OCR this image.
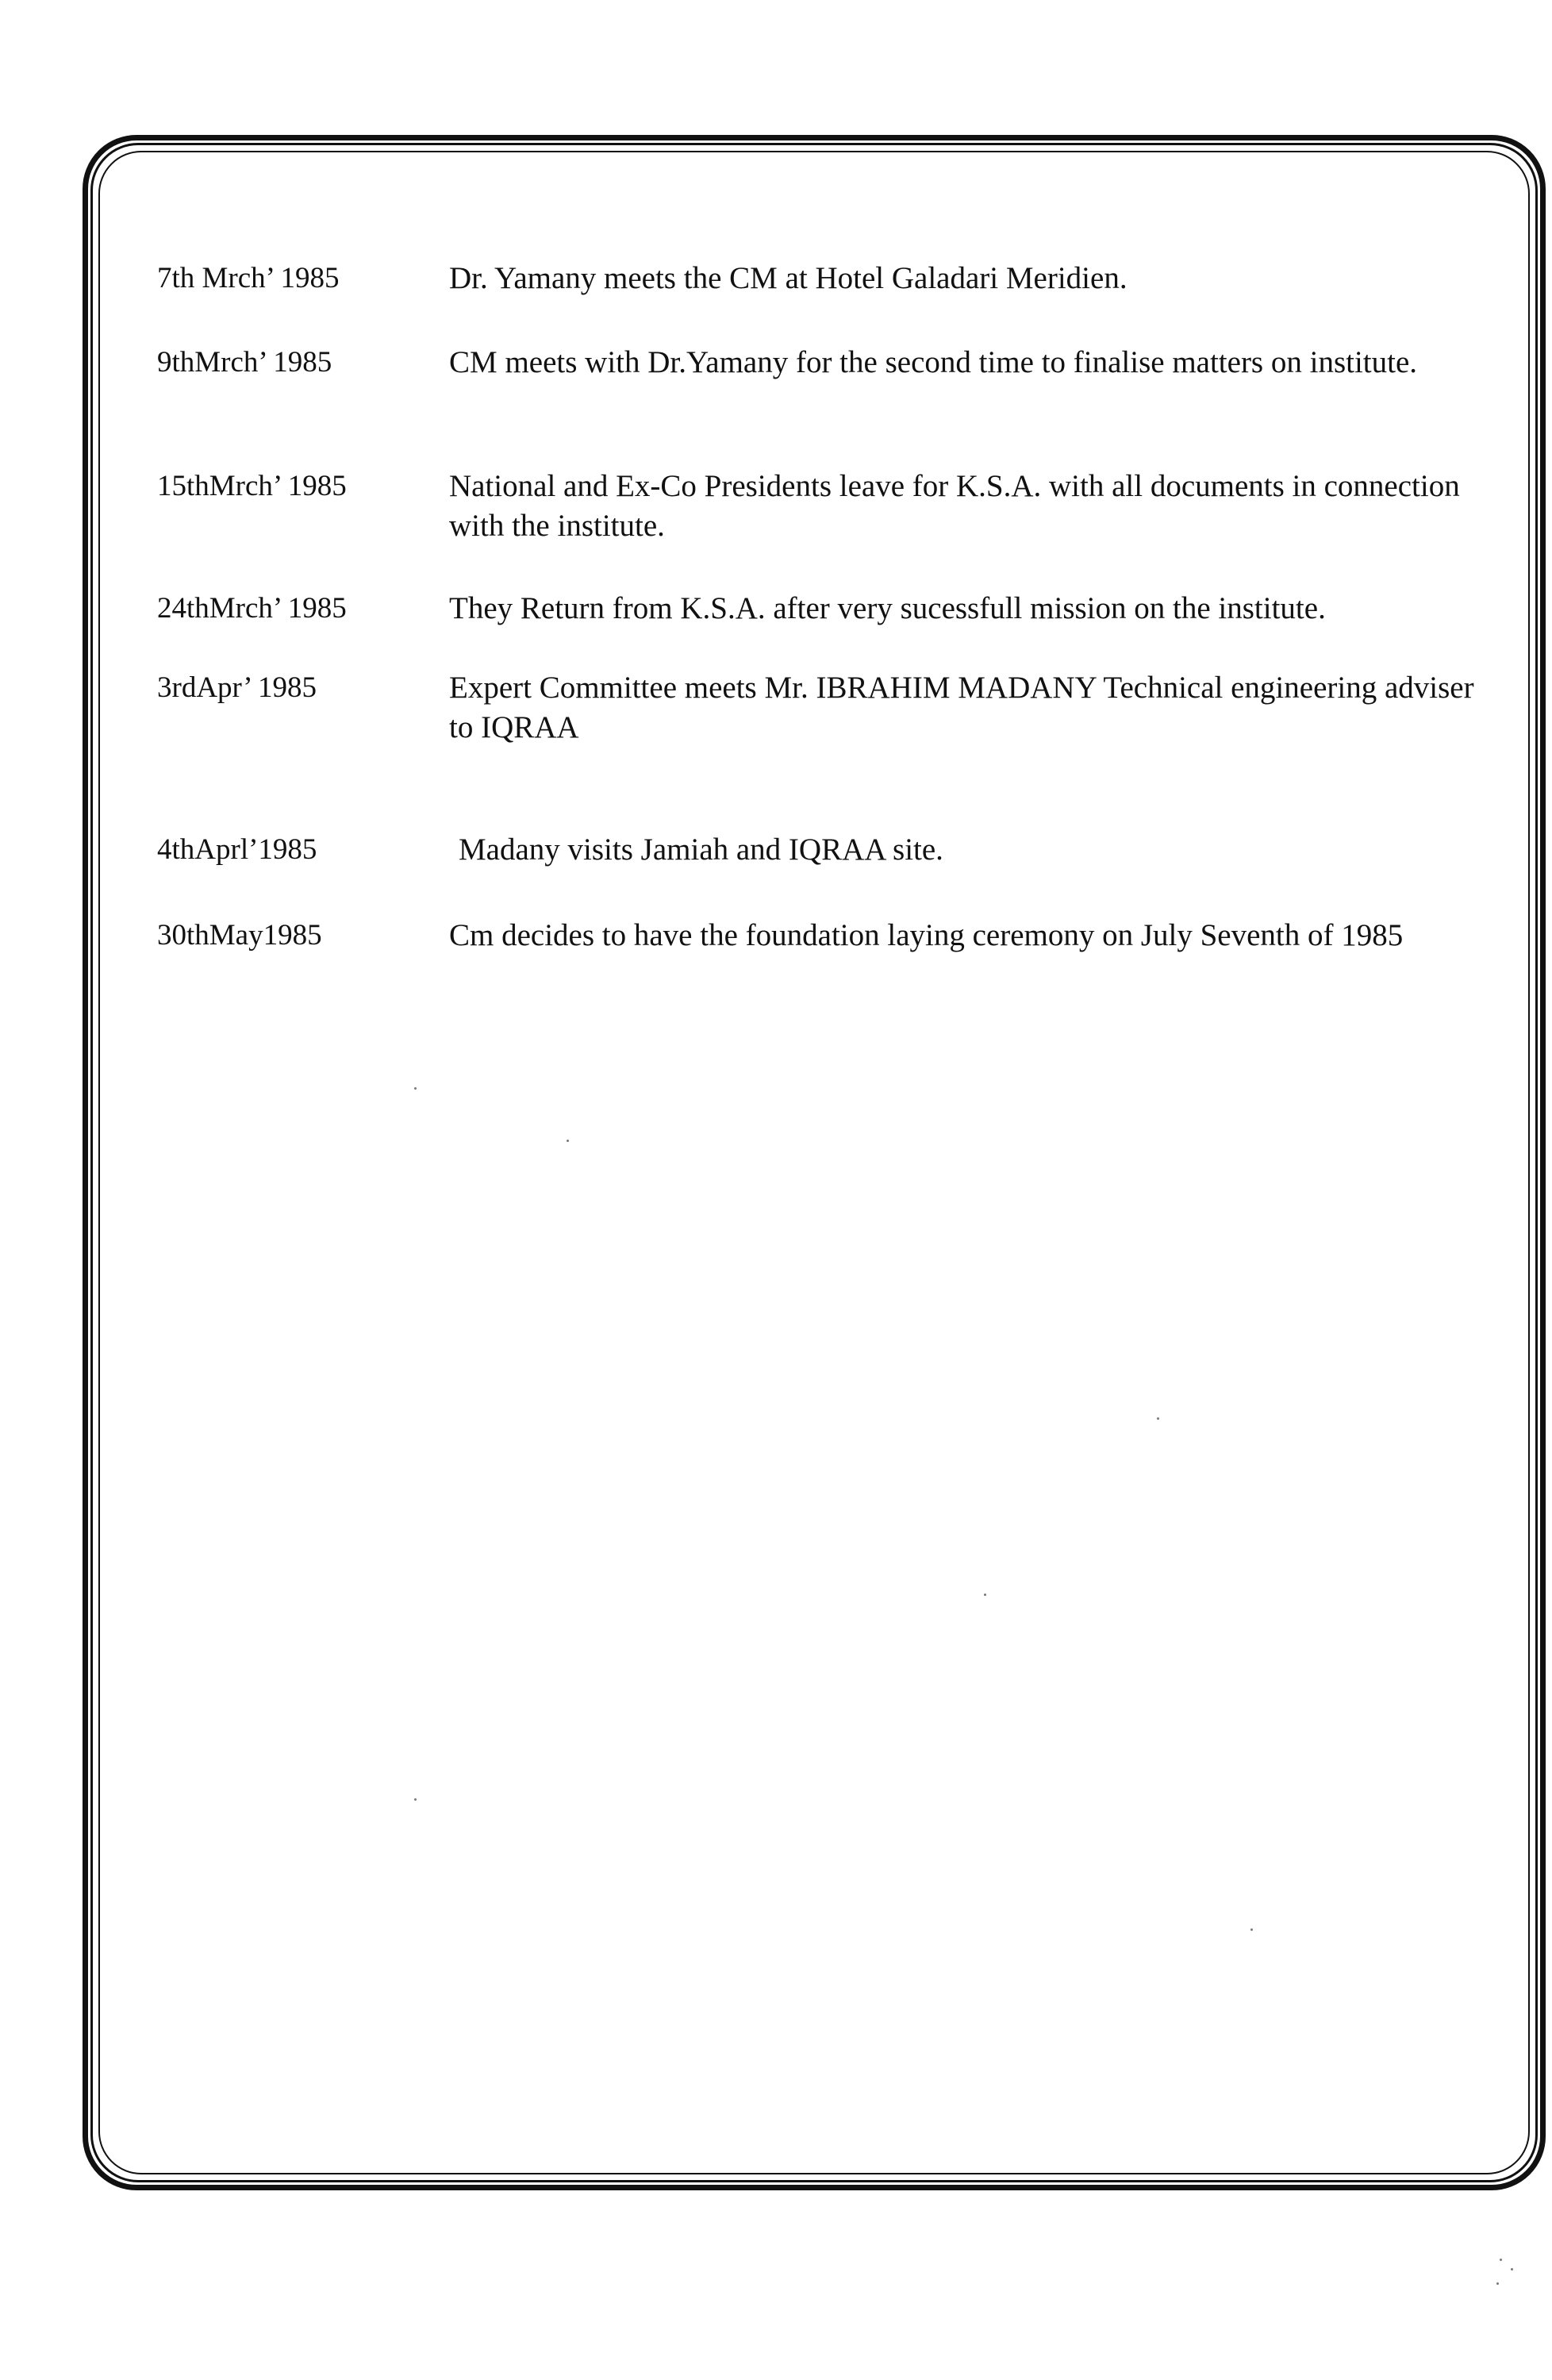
7th Mrch’ 1985	Dr. Yamany meets the CM at Hotel Galadari Meridien.
9thMrch’ 1985	CM meets with Dr.Yamany for the second time to finalise matters on institute.
15thMrch’ 1985	National and Ex-Co Presidents leave for K.S.A. with all documents in connection with the institute.
24thMrch’ 1985	They Return from K.S.A. after very sucessfull mission on the institute.
3rdApr’ 1985	Expert Committee meets Mr. IBRAHIM MADANY Technical engineering adviser to IQRAA
4thAprl’1985	Madany visits Jamiah and IQRAA site.
30thMay1985	Cm decides to have the foundation laying ceremony on July Seventh of 1985
